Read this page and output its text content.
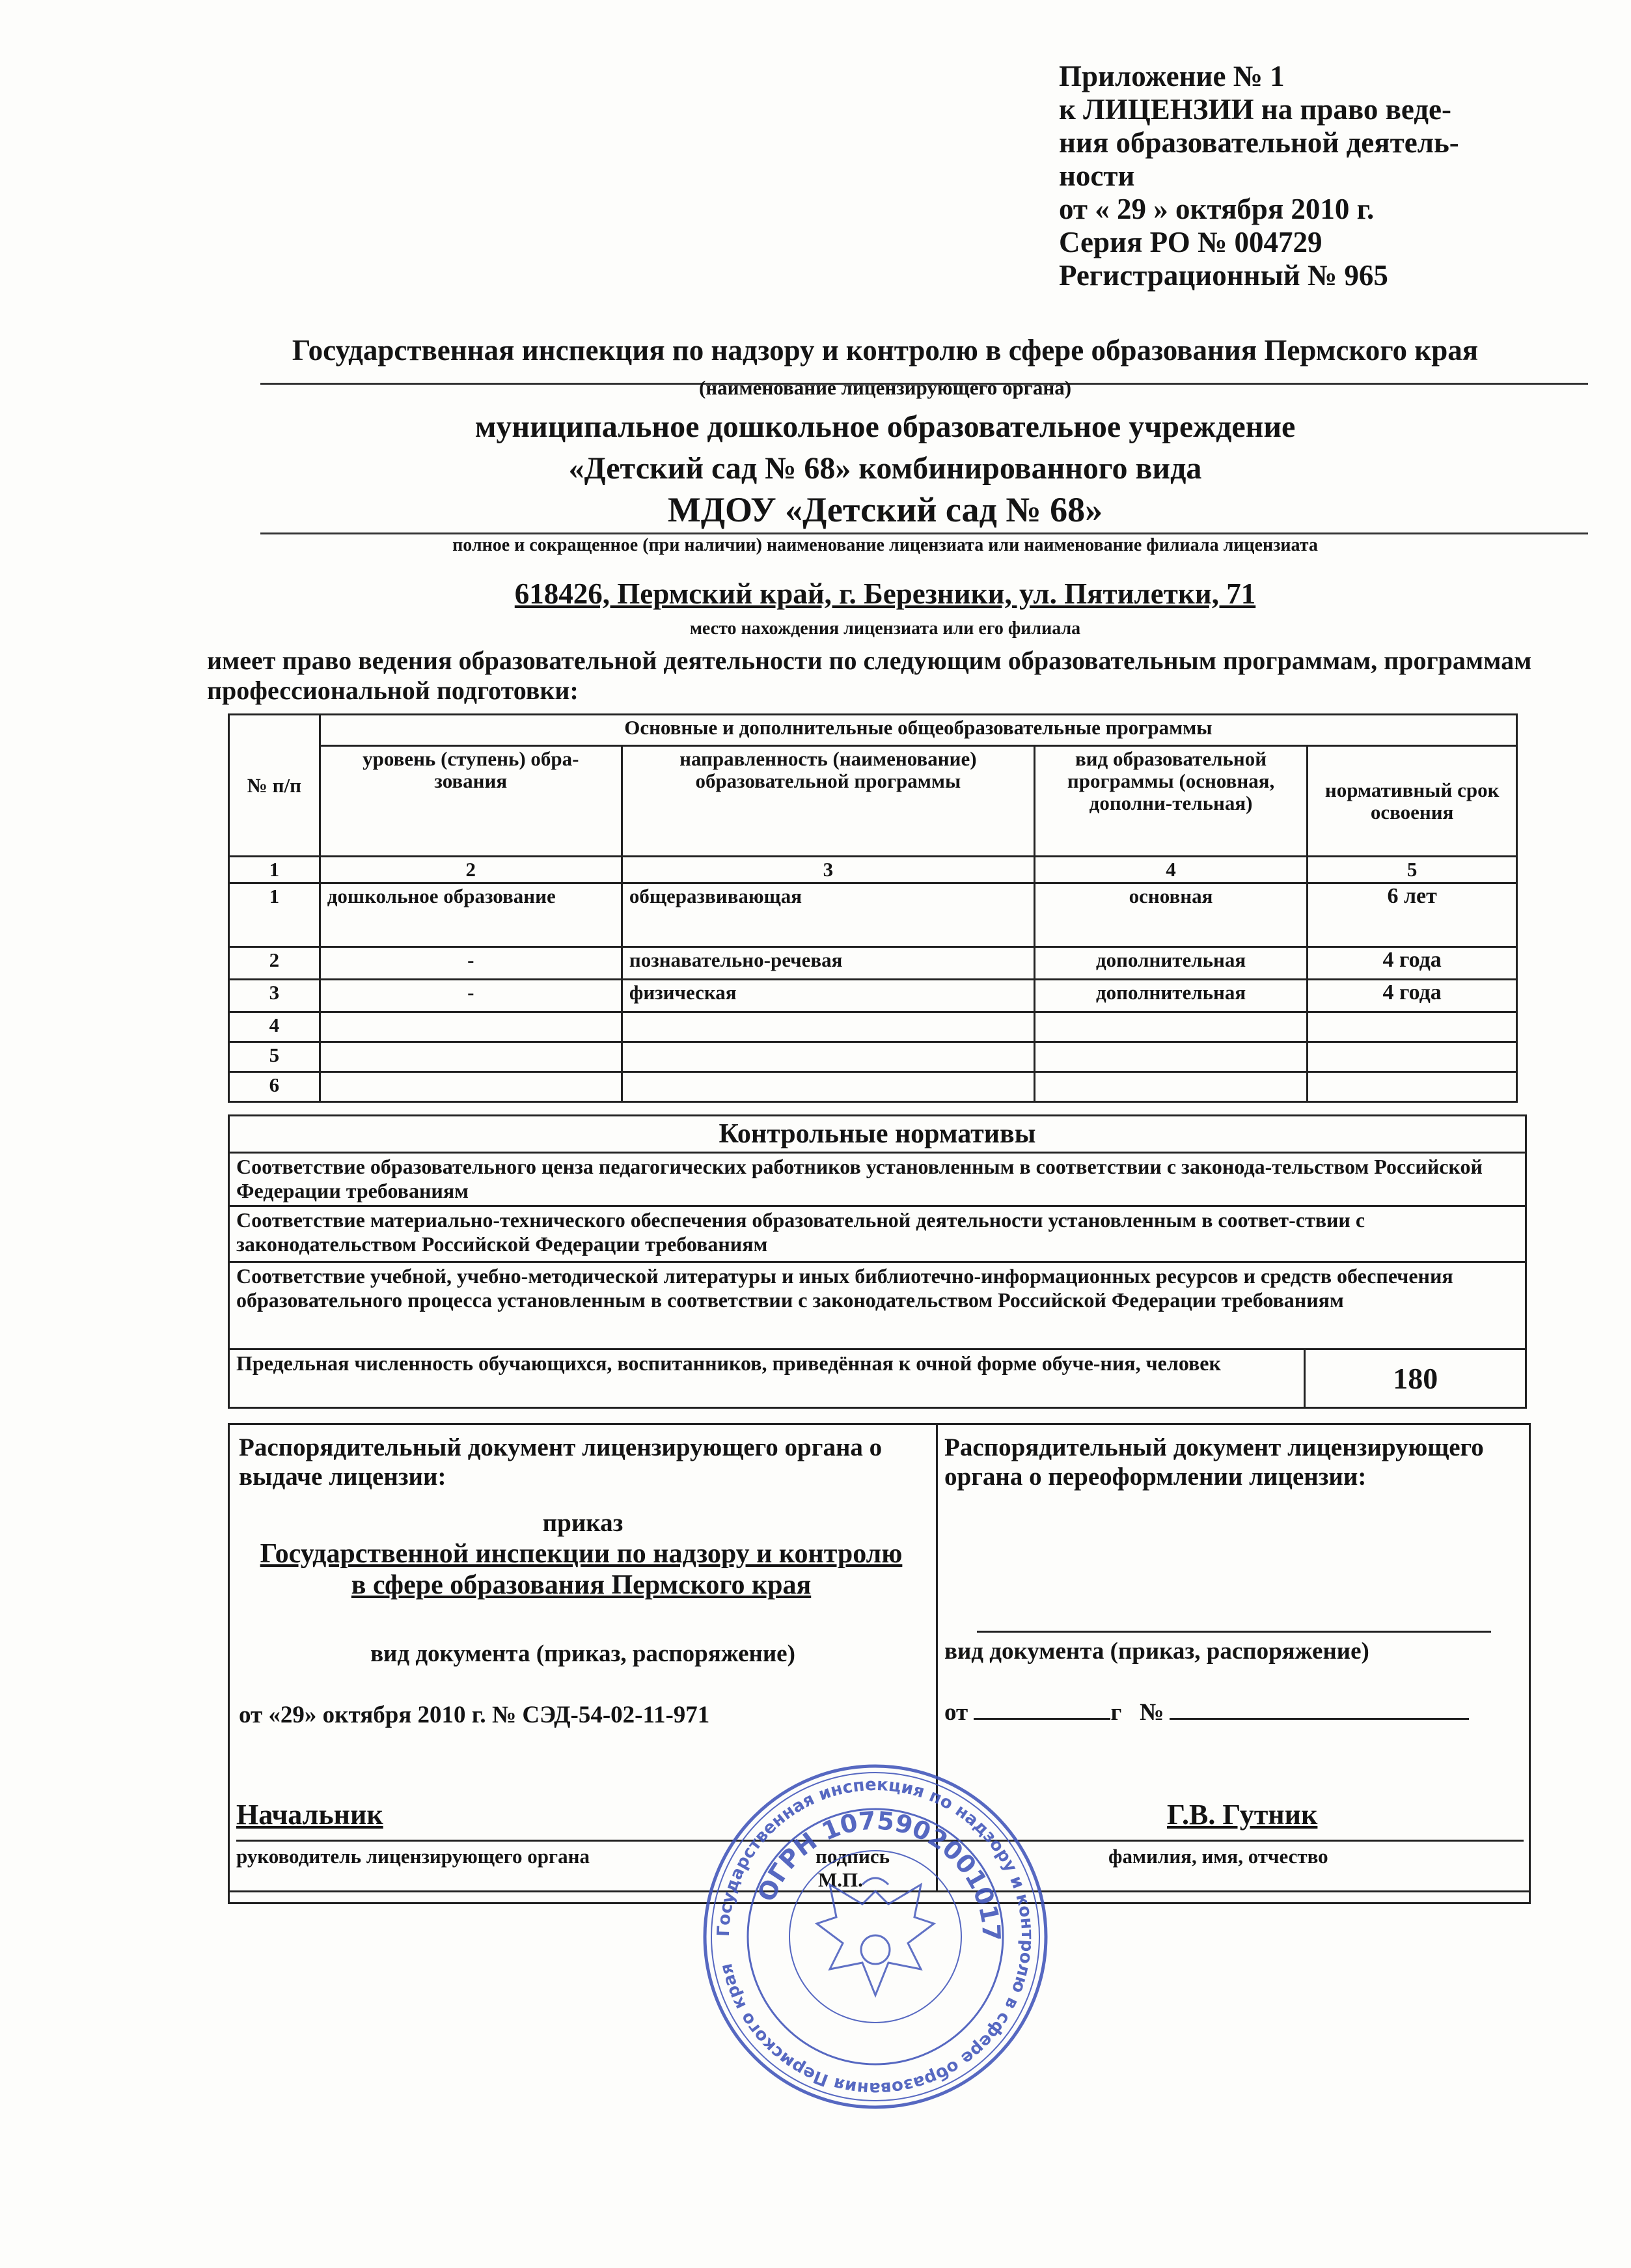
Приложение № 1
к ЛИЦЕНЗИИ на право веде-
ния образовательной деятель-
ности
от « 29 » октября 2010 г.
Серия РО № 004729
Регистрационный № 965
Государственная инспекция по надзору и контролю в сфере образования Пермского края
(наименование лицензирующего органа)
муниципальное дошкольное образовательное учреждение
«Детский сад № 68» комбинированного вида
МДОУ «Детский сад № 68»
полное и сокращенное (при наличии) наименование лицензиата или наименование филиала лицензиата
618426, Пермский край, г. Березники, ул. Пятилетки, 71
место нахождения лицензиата или его филиала
имеет право ведения образовательной деятельности по следующим образовательным программам, программам профессиональной подготовки:
№ п/п	Основные и дополнительные общеобразовательные программы			
	уровень (ступень) обра-зования	направленность (наименование) образовательной программы	вид образовательной программы (основная, дополни-тельная)	нормативный срок освоения
1	2	3	4	5
1	дошкольное образование	общеразвивающая	основная	6 лет
2	-	познавательно-речевая	дополнительная	4 года
3	-	физическая	дополнительная	4 года
4				
5				
6				
Контрольные нормативы
Соответствие образовательного ценза педагогических работников установленным в соответствии с законода-тельством Российской Федерации требованиям
Соответствие материально-технического обеспечения образовательной деятельности установленным в соответ-ствии с законодательством Российской Федерации требованиям
Соответствие учебной, учебно-методической литературы и иных библиотечно-информационных ресурсов и средств обеспечения образовательного процесса установленным в соответствии с законодательством Российской Федерации требованиям
Предельная численность обучающихся, воспитанников, приведённая к очной форме обуче-ния, человек	180
Распорядительный документ лицензирующего органа о выдаче лицензии:
приказ
Государственной инспекции по надзору и контролю в сфере образования Пермского края
вид документа (приказ, распоряжение)
от «29» октября 2010 г. № СЭД-54-02-11-971
Распорядительный документ лицензирующего органа о переоформлении лицензии:
вид документа (приказ, распоряжение)
от	г №
Начальник
руководитель лицензирующего органа	подпись
М.П.
Г.В. Гутник
фамилия, имя, отчество
Государственная инспекция по надзору и контролю в сфере образования Пермского края
ОГРН 1075902001017
